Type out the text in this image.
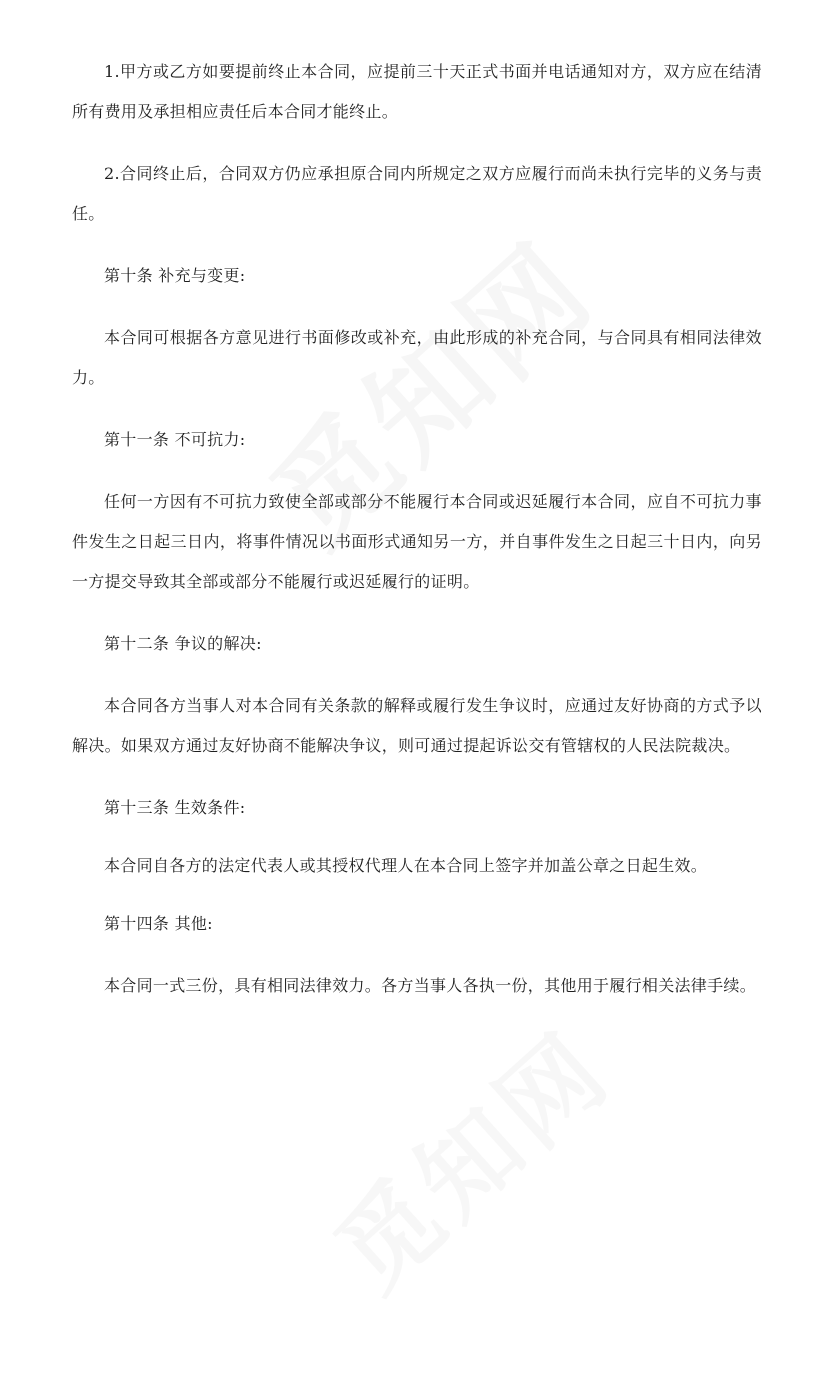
1.甲方或乙方如要提前终止本合同，应提前三十天正式书面并电话通知对方，双方应在结清所有费用及承担相应责任后本合同才能终止。

2.合同终止后，合同双方仍应承担原合同内所规定之双方应履行而尚未执行完毕的义务与责任。

第十条 补充与变更:

本合同可根据各方意见进行书面修改或补充，由此形成的补充合同，与合同具有相同法律效力。

第十一条 不可抗力:

任何一方因有不可抗力致使全部或部分不能履行本合同或迟延履行本合同，应自不可抗力事件发生之日起三日内，将事件情况以书面形式通知另一方，并自事件发生之日起三十日内，向另一方提交导致其全部或部分不能履行或迟延履行的证明。

第十二条 争议的解决:

本合同各方当事人对本合同有关条款的解释或履行发生争议时，应通过友好协商的方式予以解决。如果双方通过友好协商不能解决争议，则可通过提起诉讼交有管辖权的人民法院裁决。

第十三条 生效条件:

本合同自各方的法定代表人或其授权代理人在本合同上签字并加盖公章之日起生效。

第十四条 其他:

本合同一式三份，具有相同法律效力。各方当事人各执一份，其他用于履行相关法律手续。
